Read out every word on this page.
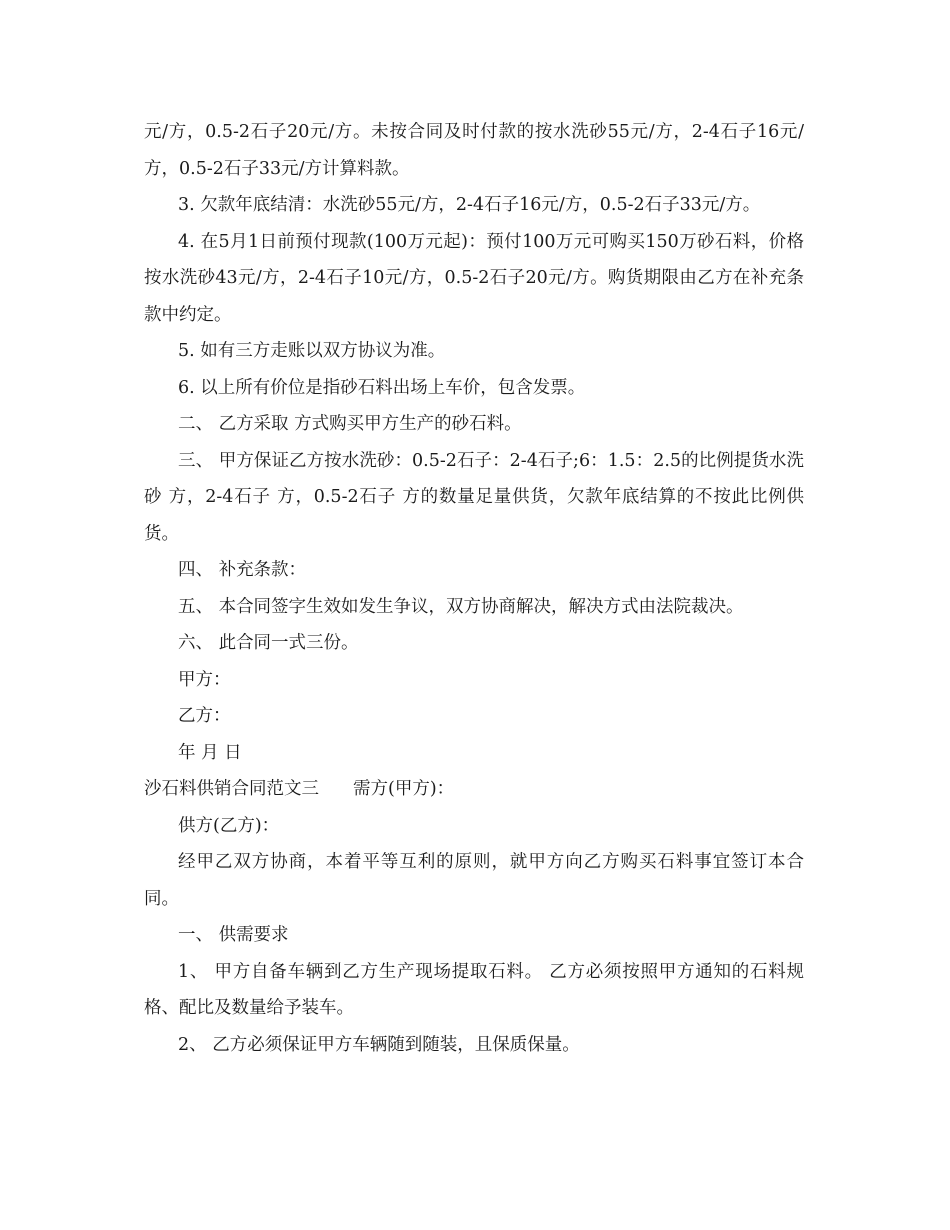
元/方，0.5-2石子20元/方。未按合同及时付款的按水洗砂55元/方，2-4石子16元/方，0.5-2石子33元/方计算料款。

3. 欠款年底结清：水洗砂55元/方，2-4石子16元/方，0.5-2石子33元/方。

4. 在5月1日前预付现款(100万元起)：预付100万元可购买150万砂石料，价格按水洗砂43元/方，2-4石子10元/方，0.5-2石子20元/方。购货期限由乙方在补充条款中约定。

5. 如有三方走账以双方协议为准。

6. 以上所有价位是指砂石料出场上车价，包含发票。

二、 乙方采取 方式购买甲方生产的砂石料。

三、 甲方保证乙方按水洗砂：0.5-2石子：2-4石子;6：1.5：2.5的比例提货水洗砂 方，2-4石子 方，0.5-2石子 方的数量足量供货，欠款年底结算的不按此比例供货。

四、 补充条款：

五、 本合同签字生效如发生争议，双方协商解决，解决方式由法院裁决。

六、 此合同一式三份。

甲方：

乙方：

年 月 日

沙石料供销合同范文三 需方(甲方)：

供方(乙方)：

经甲乙双方协商，本着平等互利的原则，就甲方向乙方购买石料事宜签订本合同。

一、 供需要求

1、 甲方自备车辆到乙方生产现场提取石料。 乙方必须按照甲方通知的石料规格、配比及数量给予装车。

2、 乙方必须保证甲方车辆随到随装，且保质保量。
